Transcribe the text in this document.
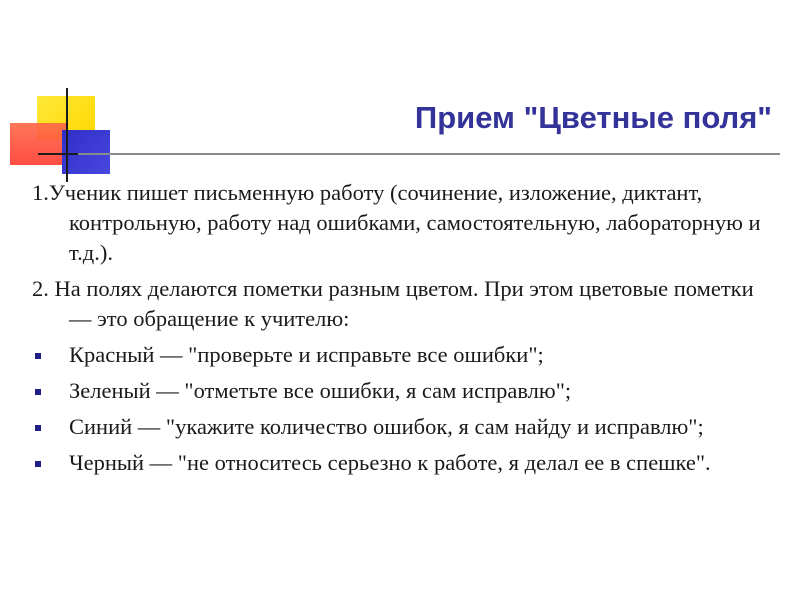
Прием "Цветные поля"

1.Ученик пишет письменную работу (сочинение, изложение, диктант, контрольную, работу над ошибками, самостоятельную, лабораторную и т.д.).

2. На полях делаются пометки разным цветом. При этом цветовые пометки — это обращение к учителю:

Красный — "проверьте и исправьте все ошибки";
Зеленый — "отметьте все ошибки, я сам исправлю";
Синий — "укажите количество ошибок, я сам найду и исправлю";
Черный — "не относитесь серьезно к работе, я делал ее в спешке".
